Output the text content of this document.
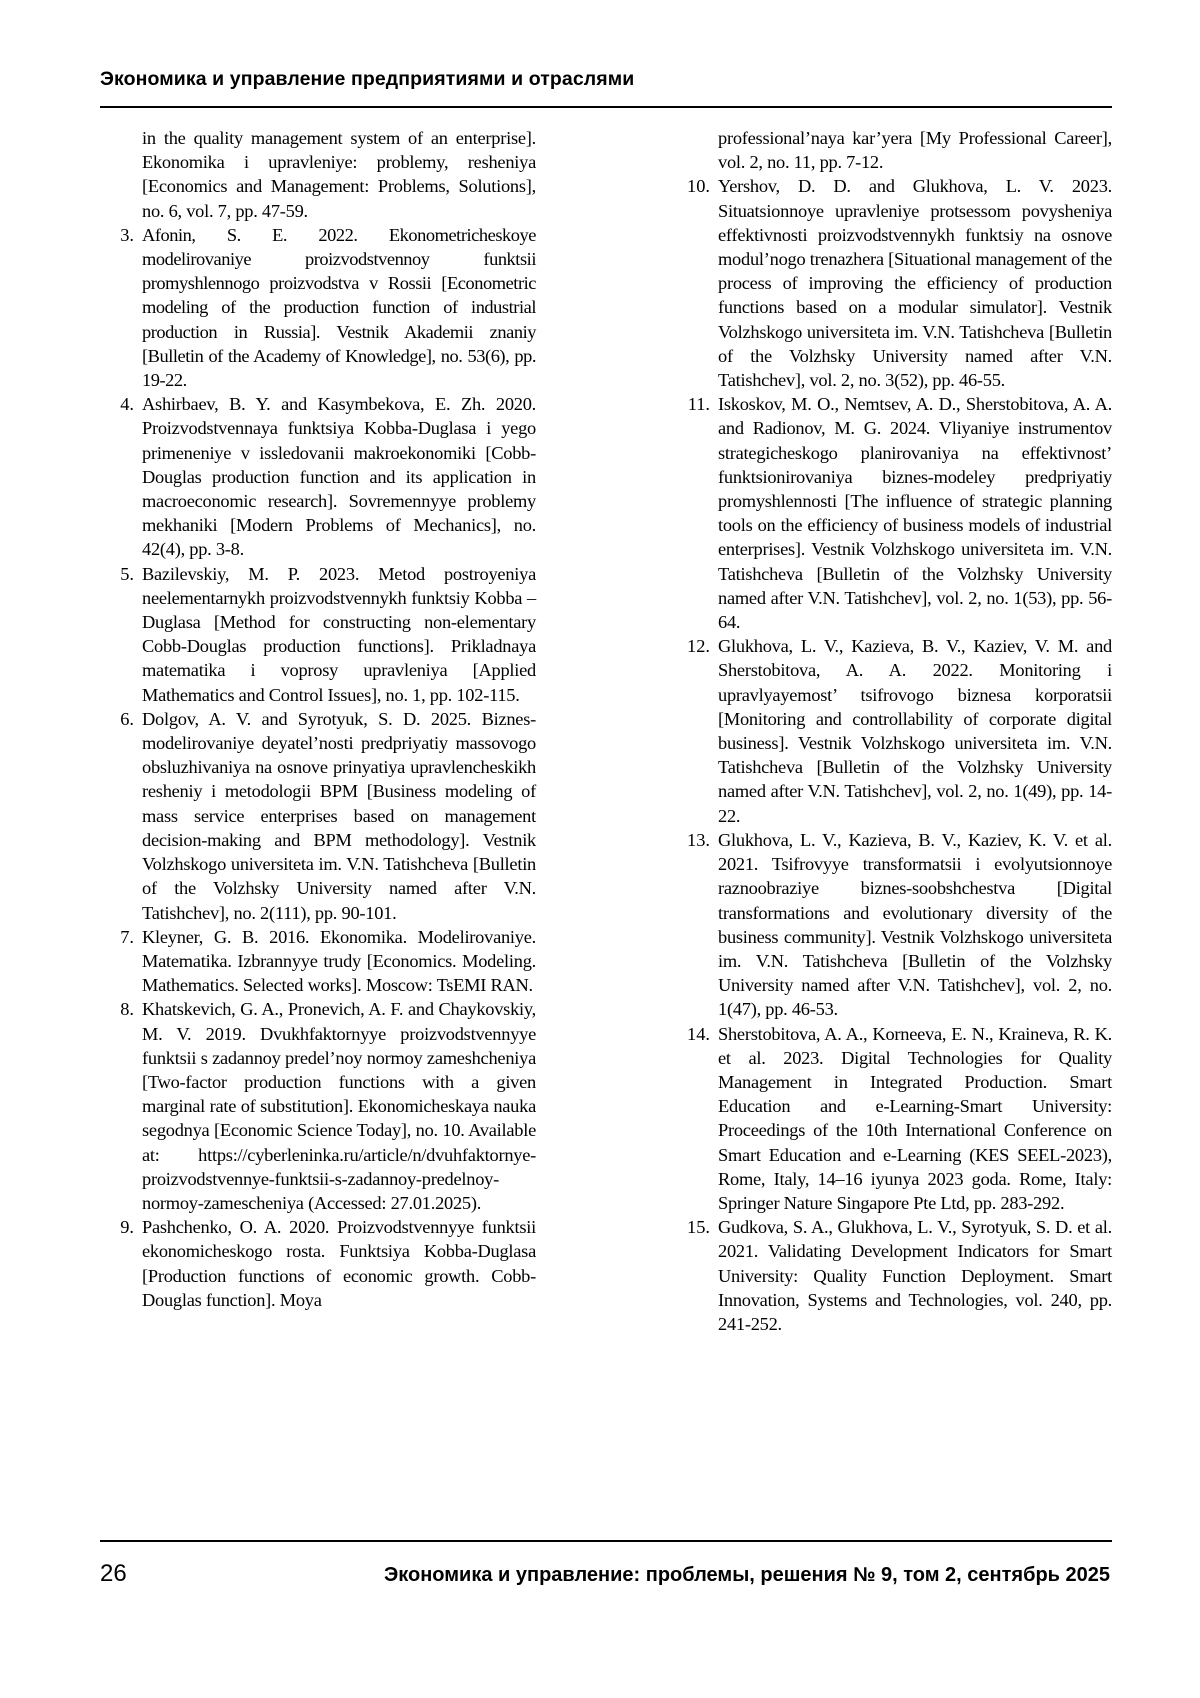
Экономика и управление предприятиями и отраслями

in the quality management system of an enterprise]. Ekonomika i upravleniye: problemy, resheniya [Economics and Management: Problems, Solutions], no. 6, vol. 7, pp. 47-59.

3. Afonin, S. E. 2022. Ekonometricheskoye modelirovaniye proizvodstvennoy funktsii promyshlennogo proizvodstva v Rossii [Econometric modeling of the production function of industrial production in Russia]. Vestnik Akademii znaniy [Bulletin of the Academy of Knowledge], no. 53(6), pp. 19-22.
4. Ashirbaev, B. Y. and Kasymbekova, E. Zh. 2020. Proizvodstvennaya funktsiya Kobba-Duglasa i yego primeneniye v issledovanii makroekonomiki [Cobb-Douglas production function and its application in macroeconomic research]. Sovremennyye problemy mekhaniki [Modern Problems of Mechanics], no. 42(4), pp. 3-8.
5. Bazilevskiy, M. P. 2023. Metod postroyeniya neelementarnykh proizvodstvennykh funktsiy Kobba – Duglasa [Method for constructing non-elementary Cobb-Douglas production functions]. Prikladnaya matematika i voprosy upravleniya [Applied Mathematics and Control Issues], no. 1, pp. 102-115.
6. Dolgov, A. V. and Syrotyuk, S. D. 2025. Biznes-modelirovaniye deyatel’nosti predpriyatiy massovogo obsluzhivaniya na osnove prinyatiya upravlencheskikh resheniy i metodologii BPM [Business modeling of mass service enterprises based on management decision-making and BPM methodology]. Vestnik Volzhskogo universiteta im. V.N. Tatishcheva [Bulletin of the Volzhsky University named after V.N. Tatishchev], no. 2(111), pp. 90-101.
7. Kleyner, G. B. 2016. Ekonomika. Modelirovaniye. Matematika. Izbrannyye trudy [Economics. Modeling. Mathematics. Selected works]. Moscow: TsEMI RAN.
8. Khatskevich, G. A., Pronevich, A. F. and Chaykovskiy, M. V. 2019. Dvukhfaktornyye proizvodstvennyye funktsii s zadannoy predel’noy normoy zameshcheniya [Two-factor production functions with a given marginal rate of substitution]. Ekonomicheskaya nauka segodnya [Economic Science Today], no. 10. Available at: https://cyberleninka.ru/article/n/dvuhfaktornye-proizvodstvennye-funktsii-s-zadannoy-predelnoy-normoy-zamescheniya (Accessed: 27.01.2025).
9. Pashchenko, O. A. 2020. Proizvodstvennyye funktsii ekonomicheskogo rosta. Funktsiya Kobba-Duglasa [Production functions of economic growth. Cobb-Douglas function]. Moya

professional’naya kar’yera [My Professional Career], vol. 2, no. 11, pp. 7-12.

10. Yershov, D. D. and Glukhova, L. V. 2023. Situatsionnoye upravleniye protsessom povysheniya effektivnosti proizvodstvennykh funktsiy na osnove modul’nogo trenazhera [Situational management of the process of improving the efficiency of production functions based on a modular simulator]. Vestnik Volzhskogo universiteta im. V.N. Tatishcheva [Bulletin of the Volzhsky University named after V.N. Tatishchev], vol. 2, no. 3(52), pp. 46-55.
11. Iskoskov, M. O., Nemtsev, A. D., Sherstobitova, A. A. and Radionov, M. G. 2024. Vliyaniye instrumentov strategicheskogo planirovaniya na effektivnost’ funktsionirovaniya biznes-modeley predpriyatiy promyshlennosti [The influence of strategic planning tools on the efficiency of business models of industrial enterprises]. Vestnik Volzhskogo universiteta im. V.N. Tatishcheva [Bulletin of the Volzhsky University named after V.N. Tatishchev], vol. 2, no. 1(53), pp. 56-64.
12. Glukhova, L. V., Kazieva, B. V., Kaziev, V. M. and Sherstobitova, A. A. 2022. Monitoring i upravlyayemost’ tsifrovogo biznesa korporatsii [Monitoring and controllability of corporate digital business]. Vestnik Volzhskogo universiteta im. V.N. Tatishcheva [Bulletin of the Volzhsky University named after V.N. Tatishchev], vol. 2, no. 1(49), pp. 14-22.
13. Glukhova, L. V., Kazieva, B. V., Kaziev, K. V. et al. 2021. Tsifrovyye transformatsii i evolyutsionnoye raznoobraziye biznes-soobshchestva [Digital transformations and evolutionary diversity of the business community]. Vestnik Volzhskogo universiteta im. V.N. Tatishcheva [Bulletin of the Volzhsky University named after V.N. Tatishchev], vol. 2, no. 1(47), pp. 46-53.
14. Sherstobitova, A. A., Korneeva, E. N., Kraineva, R. K. et al. 2023. Digital Technologies for Quality Management in Integrated Production. Smart Education and e-Learning-Smart University: Proceedings of the 10th International Conference on Smart Education and e-Learning (KES SEEL-2023), Rome, Italy, 14–16 iyunya 2023 goda. Rome, Italy: Springer Nature Singapore Pte Ltd, pp. 283-292.
15. Gudkova, S. A., Glukhova, L. V., Syrotyuk, S. D. et al. 2021. Validating Development Indicators for Smart University: Quality Function Deployment. Smart Innovation, Systems and Technologies, vol. 240, pp. 241-252.
26	Экономика и управление: проблемы, решения № 9, том 2, сентябрь 2025
